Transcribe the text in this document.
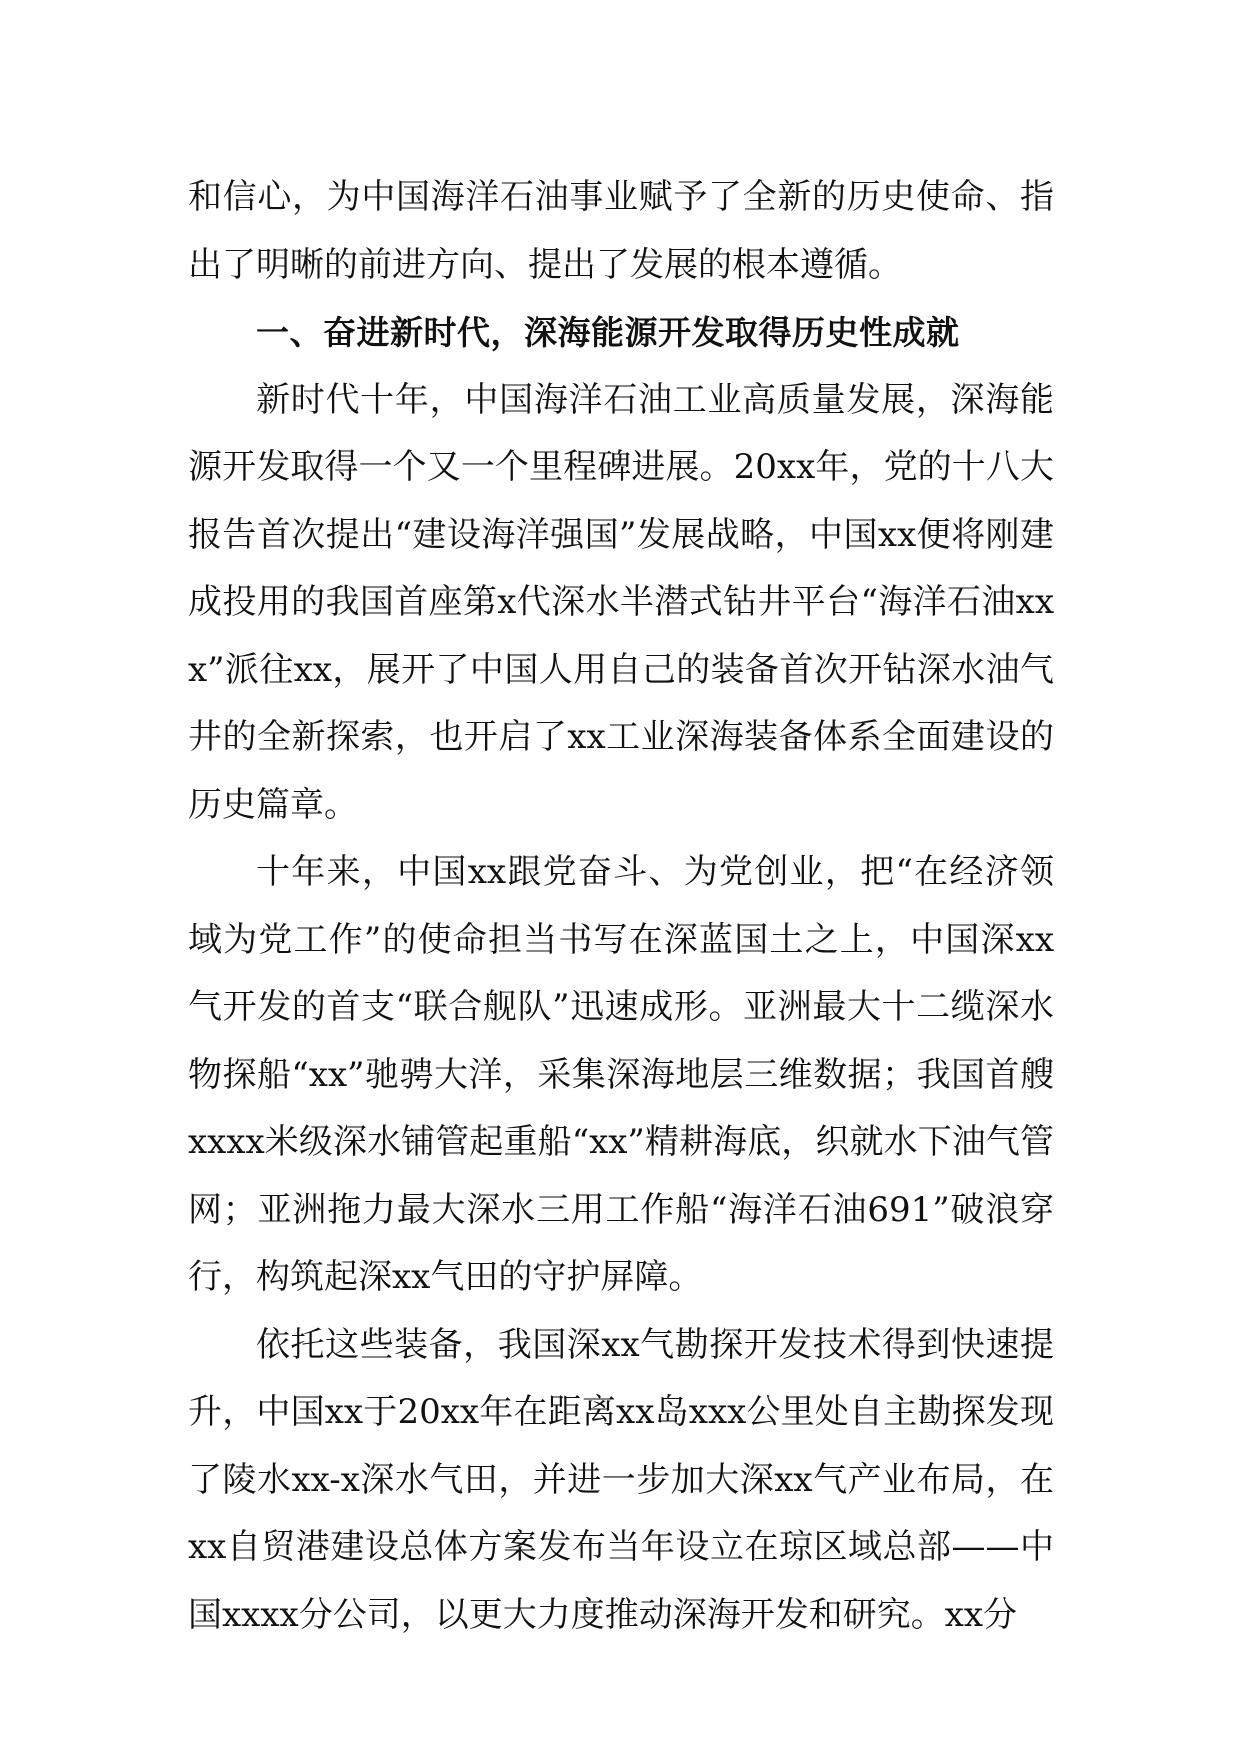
和信心，为中国海洋石油事业赋予了全新的历史使命、指出了明晰的前进方向、提出了发展的根本遵循。

一、奋进新时代，深海能源开发取得历史性成就

新时代十年，中国海洋石油工业高质量发展，深海能源开发取得一个又一个里程碑进展。20xx年，党的十八大报告首次提出“建设海洋强国”发展战略，中国xx便将刚建成投用的我国首座第x代深水半潜式钻井平台“海洋石油xxx”派往xx，展开了中国人用自己的装备首次开钻深水油气井的全新探索，也开启了xx工业深海装备体系全面建设的历史篇章。

十年来，中国xx跟党奋斗、为党创业，把“在经济领域为党工作”的使命担当书写在深蓝国土之上，中国深xx气开发的首支“联合舰队”迅速成形。亚洲最大十二缆深水物探船“xx”驰骋大洋，采集深海地层三维数据；我国首艘xxxx米级深水铺管起重船“xx”精耕海底，织就水下油气管网；亚洲拖力最大深水三用工作船“海洋石油691”破浪穿行，构筑起深xx气田的守护屏障。

依托这些装备，我国深xx气勘探开发技术得到快速提升，中国xx于20xx年在距离xx岛xxx公里处自主勘探发现了陵水xx-x深水气田，并进一步加大深xx气产业布局，在xx自贸港建设总体方案发布当年设立在琼区域总部——中国xxxx分公司，以更大力度推动深海开发和研究。xx分
